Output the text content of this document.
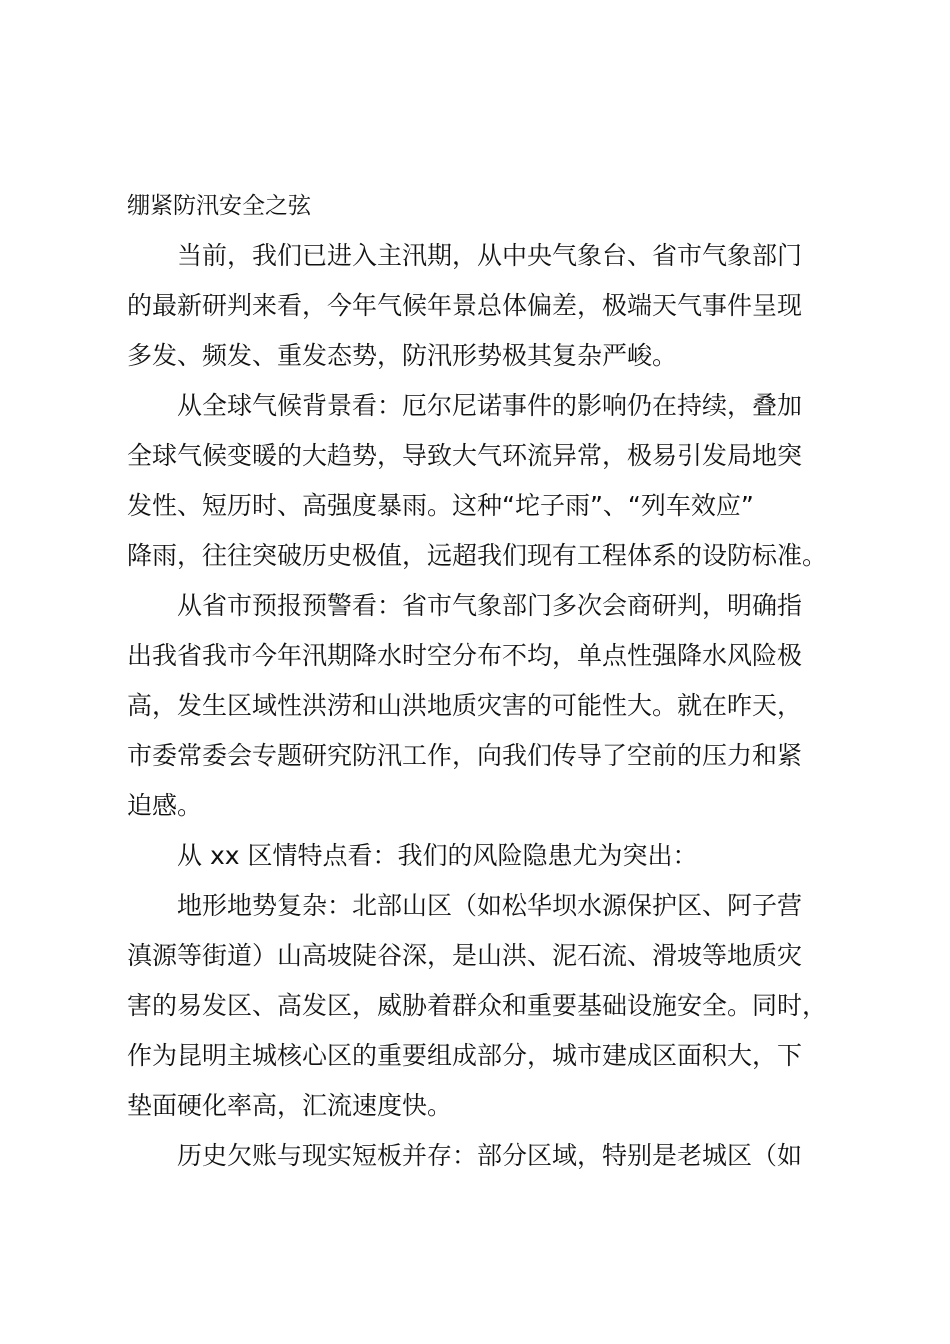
绷紧防汛安全之弦
　　当前，我们已进入主汛期，从中央气象台、省市气象部门
的最新研判来看，今年气候年景总体偏差，极端天气事件呈现
多发、频发、重发态势，防汛形势极其复杂严峻。
　　从全球气候背景看：厄尔尼诺事件的影响仍在持续，叠加
全球气候变暖的大趋势，导致大气环流异常，极易引发局地突
发性、短历时、高强度暴雨。这种“坨子雨”、“列车效应”
降雨，往往突破历史极值，远超我们现有工程体系的设防标准。
　　从省市预报预警看：省市气象部门多次会商研判，明确指
出我省我市今年汛期降水时空分布不均，单点性强降水风险极
高，发生区域性洪涝和山洪地质灾害的可能性大。就在昨天，
市委常委会专题研究防汛工作，向我们传导了空前的压力和紧
迫感。
　　从 xx 区情特点看：我们的风险隐患尤为突出：
　　地形地势复杂：北部山区（如松华坝水源保护区、阿子营
滇源等街道）山高坡陡谷深，是山洪、泥石流、滑坡等地质灾
害的易发区、高发区，威胁着群众和重要基础设施安全。同时，
作为昆明主城核心区的重要组成部分，城市建成区面积大，下
垫面硬化率高，汇流速度快。
　　历史欠账与现实短板并存：部分区域，特别是老城区（如
